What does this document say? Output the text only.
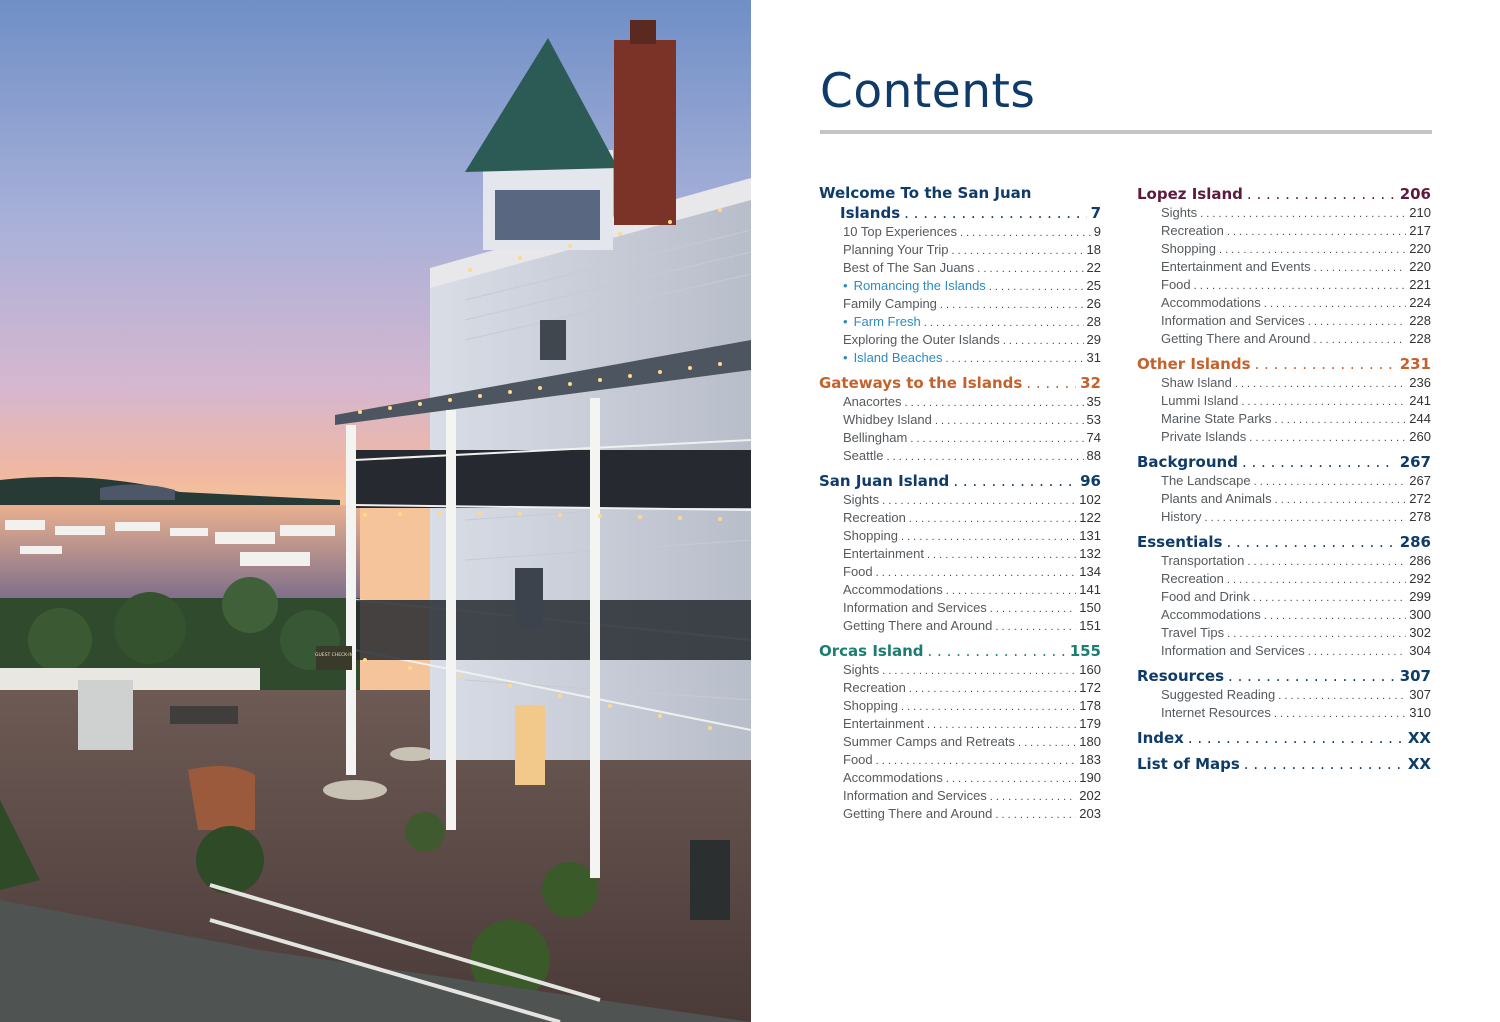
GUEST CHECK-IN
Contents
Welcome To the San Juan
Islands . . .	7
10 Top Experiences . . .	9
Planning Your Trip . . .	18
Best of The San Juans . . .	22
• Romancing the Islands . . .	25
Family Camping . . .	26
• Farm Fresh . . .	28
Exploring the Outer Islands . . .	29
• Island Beaches . . .	31
Gateways to the Islands . . .	32
Anacortes . . .	35
Whidbey Island . . .	53
Bellingham . . .	74
Seattle . . .	88
San Juan Island . . .	96
Sights . . .	102
Recreation . . .	122
Shopping . . .	131
Entertainment . . .	132
Food . . .	134
Accommodations . . .	141
Information and Services . . .	150
Getting There and Around . . .	151
Orcas Island . . .	155
Sights . . .	160
Recreation . . .	172
Shopping . . .	178
Entertainment . . .	179
Summer Camps and Retreats . . .	180
Food . . .	183
Accommodations . . .	190
Information and Services . . .	202
Getting There and Around . . .	203
Lopez Island . . .	206
Sights . . .	210
Recreation . . .	217
Shopping . . .	220
Entertainment and Events . . .	220
Food . . .	221
Accommodations . . .	224
Information and Services . . .	228
Getting There and Around . . .	228
Other Islands . . .	231
Shaw Island . . .	236
Lummi Island . . .	241
Marine State Parks . . .	244
Private Islands . . .	260
Background . . .	267
The Landscape . . .	267
Plants and Animals . . .	272
History . . .	278
Essentials . . .	286
Transportation . . .	286
Recreation . . .	292
Food and Drink . . .	299
Accommodations . . .	300
Travel Tips . . .	302
Information and Services . . .	304
Resources . . .	307
Suggested Reading . . .	307
Internet Resources . . .	310
Index . . .	XX
List of Maps . . .	XX
